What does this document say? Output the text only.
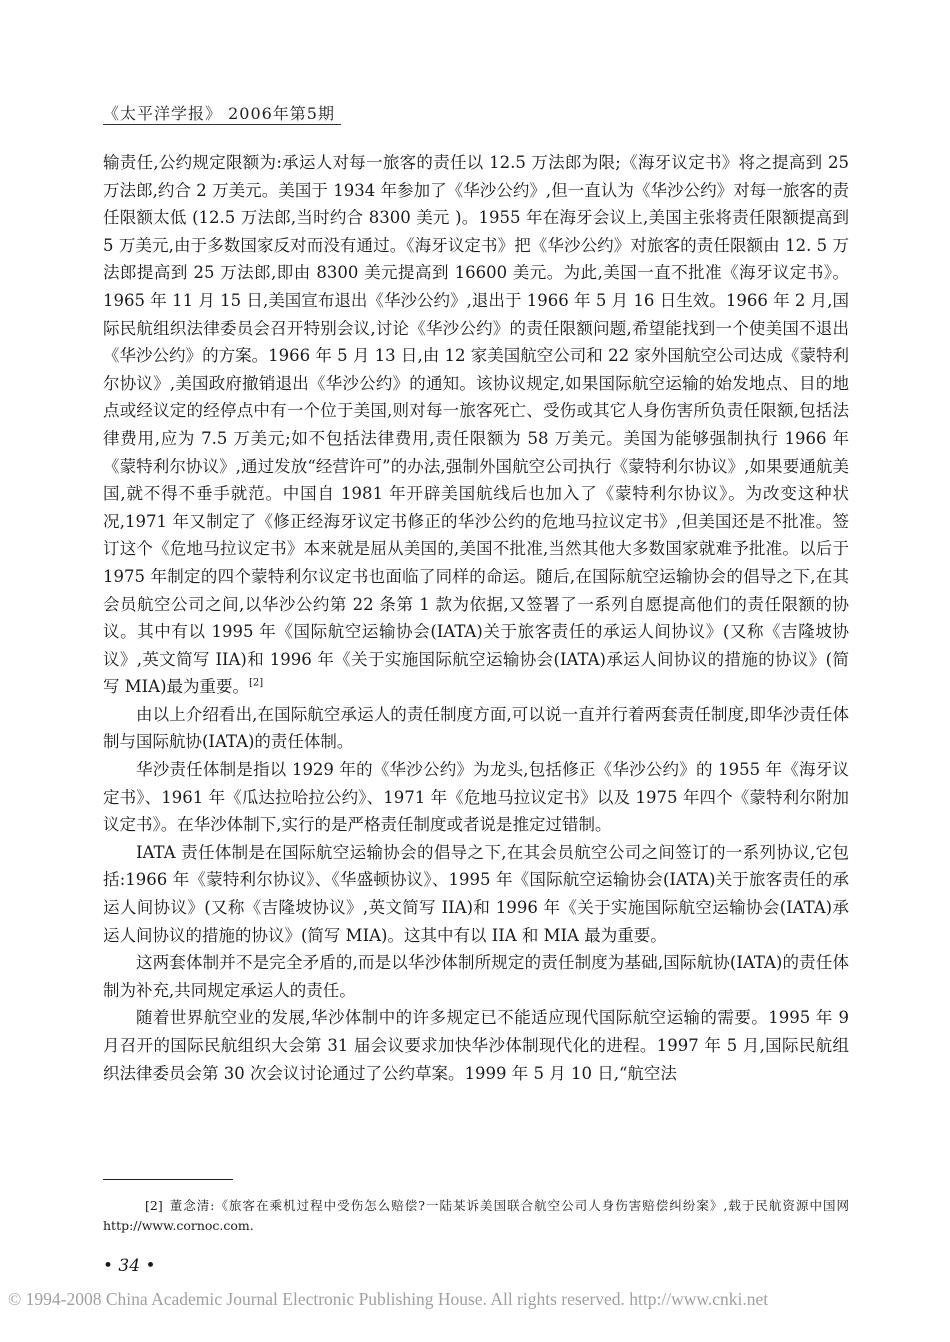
《太平洋学报》 2006年第5期

输责任,公约规定限额为:承运人对每一旅客的责任以 12.5 万法郎为限;《海牙议定书》将之提高到 25 万法郎,约合 2 万美元。美国于 1934 年参加了《华沙公约》,但一直认为《华沙公约》对每一旅客的责任限额太低 (12.5 万法郎,当时约合 8300 美元 )。1955 年在海牙会议上,美国主张将责任限额提高到 5 万美元,由于多数国家反对而没有通过。《海牙议定书》把《华沙公约》对旅客的责任限额由 12. 5 万法郎提高到 25 万法郎,即由 8300 美元提高到 16600 美元。为此,美国一直不批准《海牙议定书》。1965 年 11 月 15 日,美国宣布退出《华沙公约》,退出于 1966 年 5 月 16 日生效。1966 年 2 月,国际民航组织法律委员会召开特别会议,讨论《华沙公约》的责任限额问题,希望能找到一个使美国不退出《华沙公约》的方案。1966 年 5 月 13 日,由 12 家美国航空公司和 22 家外国航空公司达成《蒙特利尔协议》,美国政府撤销退出《华沙公约》的通知。该协议规定,如果国际航空运输的始发地点、目的地点或经议定的经停点中有一个位于美国,则对每一旅客死亡、受伤或其它人身伤害所负责任限额,包括法律费用,应为 7.5 万美元;如不包括法律费用,责任限额为 58 万美元。美国为能够强制执行 1966 年《蒙特利尔协议》,通过发放“经营许可”的办法,强制外国航空公司执行《蒙特利尔协议》,如果要通航美国,就不得不垂手就范。中国自 1981 年开辟美国航线后也加入了《蒙特利尔协议》。为改变这种状况,1971 年又制定了《修正经海牙议定书修正的华沙公约的危地马拉议定书》,但美国还是不批准。签订这个《危地马拉议定书》本来就是屈从美国的,美国不批准,当然其他大多数国家就难予批准。以后于 1975 年制定的四个蒙特利尔议定书也面临了同样的命运。随后,在国际航空运输协会的倡导之下,在其会员航空公司之间,以华沙公约第 22 条第 1 款为依据,又签署了一系列自愿提高他们的责任限额的协议。其中有以 1995 年《国际航空运输协会(IATA)关于旅客责任的承运人间协议》(又称《吉隆坡协议》,英文简写 IIA)和 1996 年《关于实施国际航空运输协会(IATA)承运人间协议的措施的协议》(简写 MIA)最为重要。[2]

由以上介绍看出,在国际航空承运人的责任制度方面,可以说一直并行着两套责任制度,即华沙责任体制与国际航协(IATA)的责任体制。

华沙责任体制是指以 1929 年的《华沙公约》为龙头,包括修正《华沙公约》的 1955 年《海牙议定书》、1961 年《瓜达拉哈拉公约》、1971 年《危地马拉议定书》以及 1975 年四个《蒙特利尔附加议定书》。在华沙体制下,实行的是严格责任制度或者说是推定过错制。

IATA 责任体制是在国际航空运输协会的倡导之下,在其会员航空公司之间签订的一系列协议,它包括:1966 年《蒙特利尔协议》、《华盛顿协议》、1995 年《国际航空运输协会(IATA)关于旅客责任的承运人间协议》(又称《吉隆坡协议》,英文简写 IIA)和 1996 年《关于实施国际航空运输协会(IATA)承运人间协议的措施的协议》(简写 MIA)。这其中有以 IIA 和 MIA 最为重要。

这两套体制并不是完全矛盾的,而是以华沙体制所规定的责任制度为基础,国际航协(IATA)的责任体制为补充,共同规定承运人的责任。

随着世界航空业的发展,华沙体制中的许多规定已不能适应现代国际航空运输的需要。1995 年 9 月召开的国际民航组织大会第 31 届会议要求加快华沙体制现代化的进程。1997 年 5 月,国际民航组织法律委员会第 30 次会议讨论通过了公约草案。1999 年 5 月 10 日,“航空法

[2] 董念清:《旅客在乘机过程中受伤怎么赔偿?一陆某诉美国联合航空公司人身伤害赔偿纠纷案》,载于民航资源中国网 http://www.cornoc.com.
• 34 •
© 1994-2008 China Academic Journal Electronic Publishing House. All rights reserved. http://www.cnki.net
